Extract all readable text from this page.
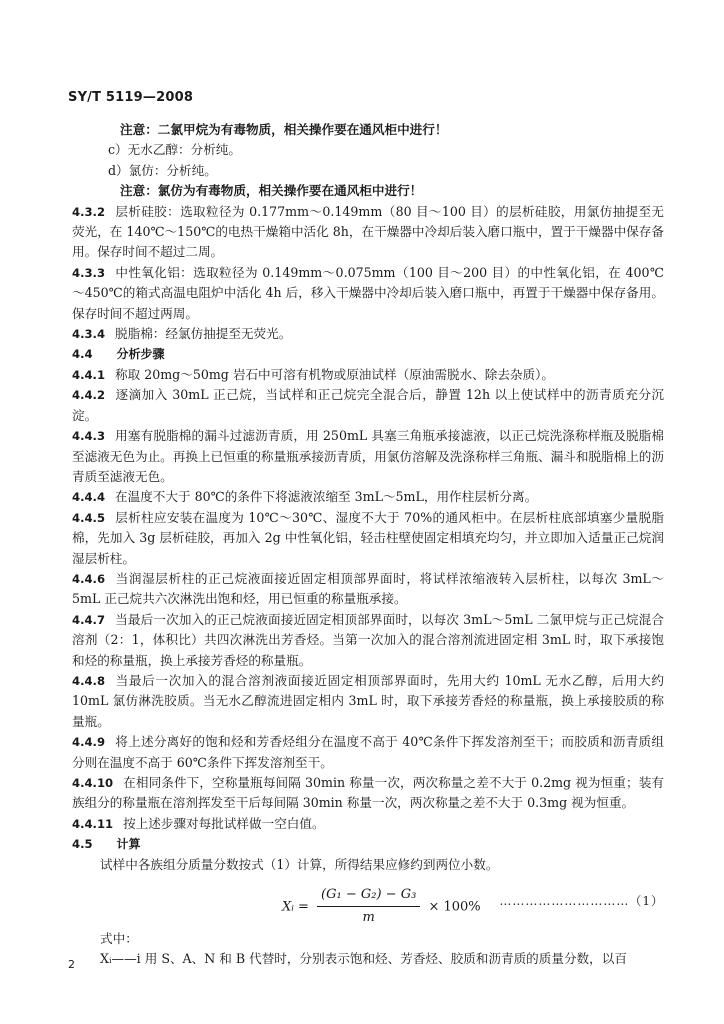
SY/T 5119—2008

注意：二氯甲烷为有毒物质，相关操作要在通风柜中进行！

c）无水乙醇：分析纯。

d）氯仿：分析纯。

注意：氯仿为有毒物质，相关操作要在通风柜中进行！

4.3.2 层析硅胶：选取粒径为 0.177mm～0.149mm（80 目～100 目）的层析硅胶，用氯仿抽提至无荧光，在 140℃～150℃的电热干燥箱中活化 8h，在干燥器中冷却后装入磨口瓶中，置于干燥器中保存备用。保存时间不超过二周。

4.3.3 中性氧化铝：选取粒径为 0.149mm～0.075mm（100 目～200 目）的中性氧化铝，在 400℃～450℃的箱式高温电阻炉中活化 4h 后，移入干燥器中冷却后装入磨口瓶中，再置于干燥器中保存备用。保存时间不超过两周。

4.3.4 脱脂棉：经氯仿抽提至无荧光。

4.4 分析步骤

4.4.1 称取 20mg～50mg 岩石中可溶有机物或原油试样（原油需脱水、除去杂质）。

4.4.2 逐滴加入 30mL 正己烷，当试样和正己烷完全混合后，静置 12h 以上使试样中的沥青质充分沉淀。

4.4.3 用塞有脱脂棉的漏斗过滤沥青质，用 250mL 具塞三角瓶承接滤液，以正己烷洗涤称样瓶及脱脂棉至滤液无色为止。再换上已恒重的称量瓶承接沥青质，用氯仿溶解及洗涤称样三角瓶、漏斗和脱脂棉上的沥青质至滤液无色。

4.4.4 在温度不大于 80℃的条件下将滤液浓缩至 3mL～5mL，用作柱层析分离。

4.4.5 层析柱应安装在温度为 10℃～30℃、湿度不大于 70%的通风柜中。在层析柱底部填塞少量脱脂棉，先加入 3g 层析硅胶，再加入 2g 中性氧化铝，轻击柱壁使固定相填充均匀，并立即加入适量正己烷润湿层析柱。

4.4.6 当润湿层析柱的正己烷液面接近固定相顶部界面时，将试样浓缩液转入层析柱，以每次 3mL～5mL 正己烷共六次淋洗出饱和烃，用已恒重的称量瓶承接。

4.4.7 当最后一次加入的正己烷液面接近固定相顶部界面时，以每次 3mL～5mL 二氯甲烷与正己烷混合溶剂（2：1，体积比）共四次淋洗出芳香烃。当第一次加入的混合溶剂流进固定相 3mL 时，取下承接饱和烃的称量瓶，换上承接芳香烃的称量瓶。

4.4.8 当最后一次加入的混合溶剂液面接近固定相顶部界面时，先用大约 10mL 无水乙醇，后用大约 10mL 氯仿淋洗胶质。当无水乙醇流进固定相内 3mL 时，取下承接芳香烃的称量瓶，换上承接胶质的称量瓶。

4.4.9 将上述分离好的饱和烃和芳香烃组分在温度不高于 40℃条件下挥发溶剂至干；而胶质和沥青质组分则在温度不高于 60℃条件下挥发溶剂至干。

4.4.10 在相同条件下，空称量瓶每间隔 30min 称量一次，两次称量之差不大于 0.2mg 视为恒重；装有族组分的称量瓶在溶剂挥发至干后每间隔 30min 称量一次，两次称量之差不大于 0.3mg 视为恒重。

4.4.11 按上述步骤对每批试样做一空白值。

4.5 计算

试样中各族组分质量分数按式（1）计算，所得结果应修约到两位小数。

Xᵢ = $\frac{\text{(G₁ − G₂) − G₃}}{m} \times 100\%$ …………………………（1）

式中：

Xᵢ——i 用 S、A、N 和 B 代替时，分别表示饱和烃、芳香烃、胶质和沥青质的质量分数，以百

2
